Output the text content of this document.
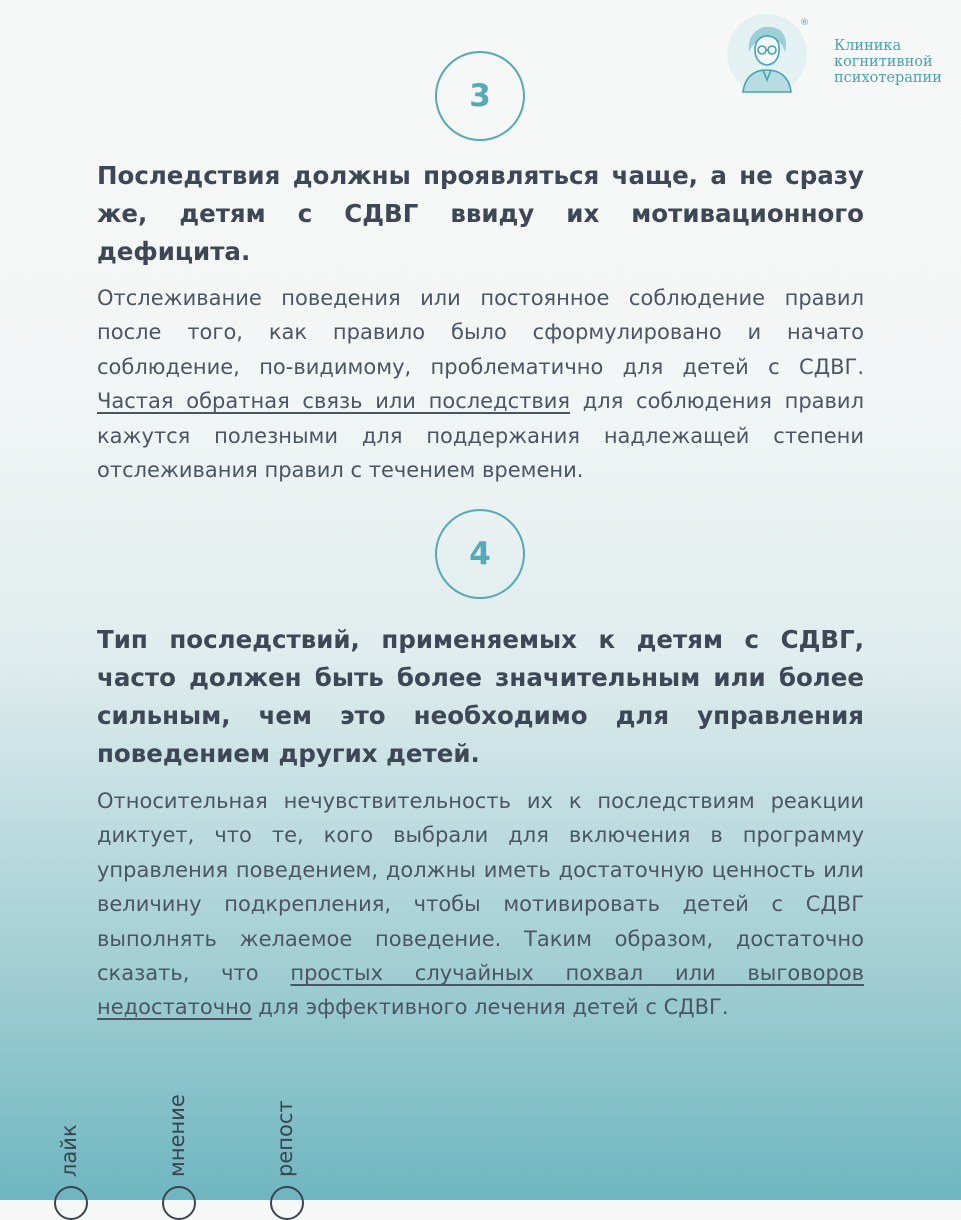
®
Клиника
когнитивной
психотерапии
3
Последствия должны проявляться чаще, а не сразу же, детям с СДВГ ввиду их мотивационного дефицита.

Отслеживание поведения или постоянное соблюдение правил после того, как правило было сформулировано и начато соблюдение, по-видимому, проблематично для детей с СДВГ. Частая обратная связь или последствия для соблюдения правил кажутся полезными для поддержания надлежащей степени отслеживания правил с течением времени.

4
Тип последствий, применяемых к детям с СДВГ, часто должен быть более значительным или более сильным, чем это необходимо для управления поведением других детей.

Относительная нечувствительность их к последствиям реакции диктует, что те, кого выбрали для включения в программу управления поведением, должны иметь достаточную ценность или величину подкрепления, чтобы мотивировать детей с СДВГ выполнять желаемое поведение. Таким образом, достаточно сказать, что простых случайных похвал или выговоров недостаточно для эффективного лечения детей с СДВГ.

лайк	мнение	репост
